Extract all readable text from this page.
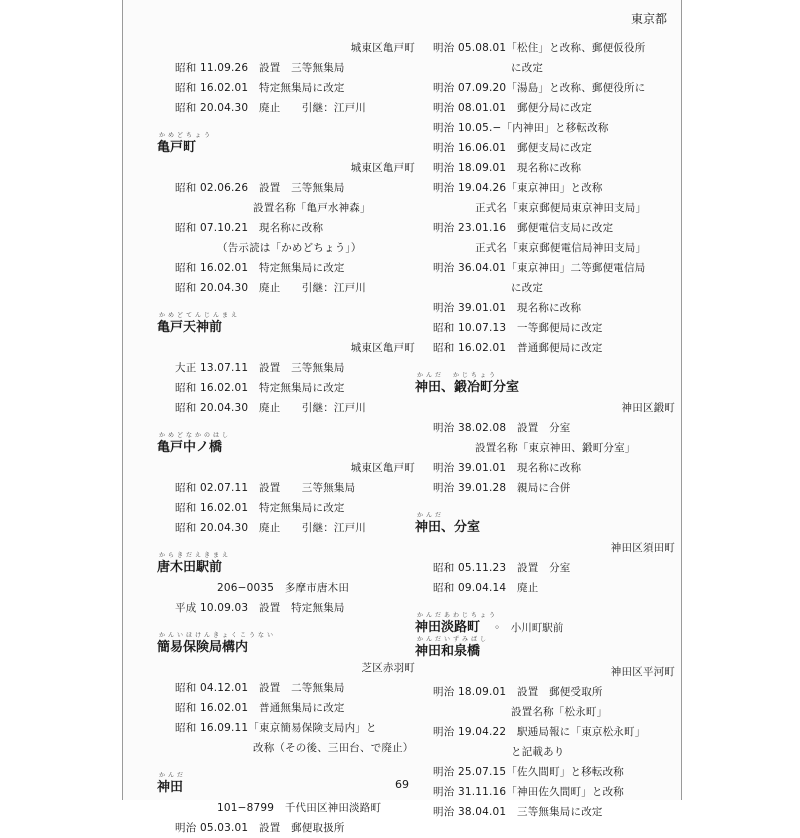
東京都
城東区亀戸町
昭和 11.09.26　設置　三等無集局
昭和 16.02.01　特定無集局に改定
昭和 20.04.30　廃止　　引継：江戸川
かめどちょう
亀戸町
城東区亀戸町
昭和 02.06.26　設置　三等無集局
設置名称「亀戸水神森」
昭和 07.10.21　現名称に改称
（告示読は「かめどちょう」）
昭和 16.02.01　特定無集局に改定
昭和 20.04.30　廃止　　引継：江戸川
かめどてんじんまえ
亀戸天神前
城東区亀戸町
大正 13.07.11　設置　三等無集局
昭和 16.02.01　特定無集局に改定
昭和 20.04.30　廃止　　引継：江戸川
かめどなかのはし
亀戸中ノ橋
城東区亀戸町
昭和 02.07.11　設置　　三等無集局
昭和 16.02.01　特定無集局に改定
昭和 20.04.30　廃止　　引継：江戸川
からきだえきまえ
唐木田駅前
206−0035　多摩市唐木田
平成 10.09.03　設置　特定無集局
かんいほけんきょくこうない
簡易保険局構内
芝区赤羽町
昭和 04.12.01　設置　二等無集局
昭和 16.02.01　普通無集局に改定
昭和 16.09.11「東京簡易保険支局内」と
改称（その後、三田台、で廃止）
かんだ
神田
101−8799　千代田区神田淡路町
明治 05.03.01　設置　郵便取扱所
明治 05.08.01「松住」と改称、郵便仮役所
に改定
明治 07.09.20「湯島」と改称、郵便役所に
明治 08.01.01　郵便分局に改定
明治 10.05.−「内神田」と移転改称
明治 16.06.01　郵便支局に改定
明治 18.09.01　現名称に改称
明治 19.04.26「東京神田」と改称
正式名「東京郵便局東京神田支局」
明治 23.01.16　郵便電信支局に改定
正式名「東京郵便電信局神田支局」
明治 36.04.01「東京神田」二等郵便電信局
に改定
明治 39.01.01　現名称に改称
昭和 10.07.13　一等郵便局に改定
昭和 16.02.01　普通郵便局に改定
かんだ　かじちょう
神田、鍛冶町分室
神田区鍛町
明治 38.02.08　設置　分室
設置名称「東京神田、鍛町分室」
明治 39.01.01　現名称に改称
明治 39.01.28　親局に合併
かんだ
神田、分室
神田区須田町
昭和 05.11.23　設置　分室
昭和 09.04.14　廃止
かんだあわじちょう
神田淡路町 ◦　小川町駅前
かんだいずみばし
神田和泉橋
神田区平河町
明治 18.09.01　設置　郵便受取所
設置名称「松永町」
明治 19.04.22　駅逓局報に「東京松永町」
と記載あり
明治 25.07.15「佐久間町」と移転改称
明治 31.11.16「神田佐久間町」と改称
明治 38.04.01　三等無集局に改定
69
